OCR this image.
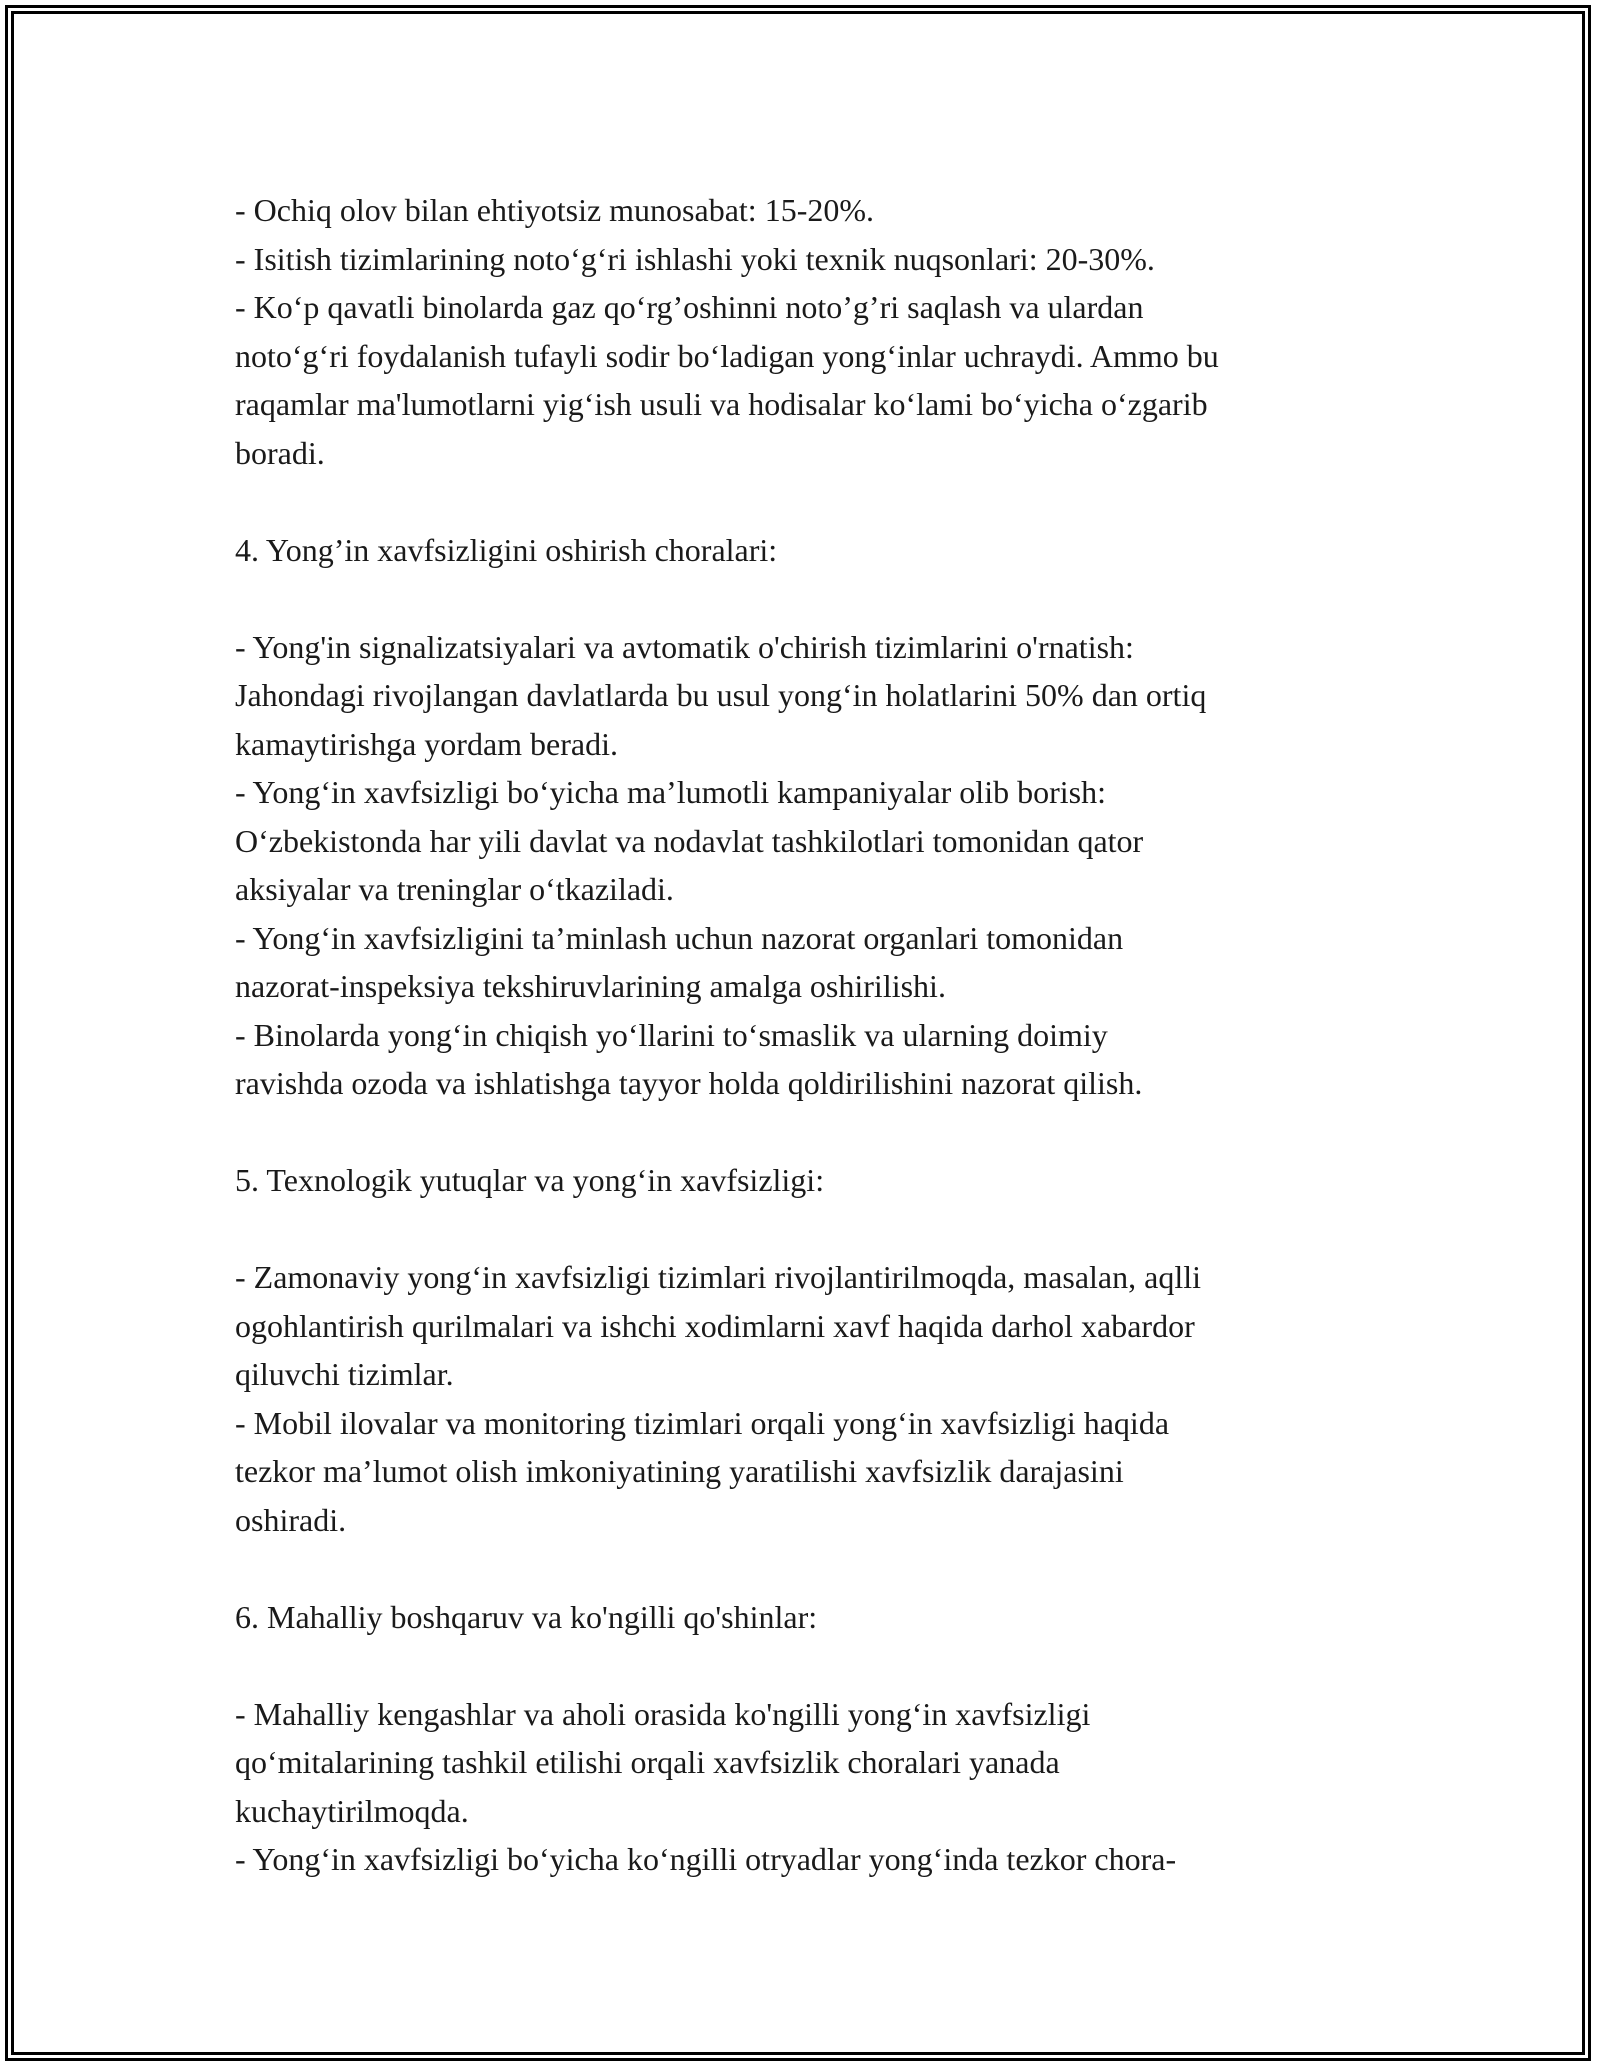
- Ochiq olov bilan ehtiyotsiz munosabat: 15-20%.

- Isitish tizimlarining noto‘g‘ri ishlashi yoki texnik nuqsonlari: 20-30%.

- Ko‘p qavatli binolarda gaz qo‘rg’oshinni noto’g’ri saqlash va ulardan

noto‘g‘ri foydalanish tufayli sodir bo‘ladigan yong‘inlar uchraydi. Ammo bu

raqamlar ma'lumotlarni yig‘ish usuli va hodisalar ko‘lami bo‘yicha o‘zgarib

boradi.

4. Yong’in xavfsizligini oshirish choralari:

- Yong'in signalizatsiyalari va avtomatik o'chirish tizimlarini o'rnatish:

Jahondagi rivojlangan davlatlarda bu usul yong‘in holatlarini 50% dan ortiq

kamaytirishga yordam beradi.

- Yong‘in xavfsizligi bo‘yicha ma’lumotli kampaniyalar olib borish:

O‘zbekistonda har yili davlat va nodavlat tashkilotlari tomonidan qator

aksiyalar va treninglar o‘tkaziladi.

- Yong‘in xavfsizligini ta’minlash uchun nazorat organlari tomonidan

nazorat-inspeksiya tekshiruvlarining amalga oshirilishi.

- Binolarda yong‘in chiqish yo‘llarini to‘smaslik va ularning doimiy

ravishda ozoda va ishlatishga tayyor holda qoldirilishini nazorat qilish.

5. Texnologik yutuqlar va yong‘in xavfsizligi:

- Zamonaviy yong‘in xavfsizligi tizimlari rivojlantirilmoqda, masalan, aqlli

ogohlantirish qurilmalari va ishchi xodimlarni xavf haqida darhol xabardor

qiluvchi tizimlar.

- Mobil ilovalar va monitoring tizimlari orqali yong‘in xavfsizligi haqida

tezkor ma’lumot olish imkoniyatining yaratilishi xavfsizlik darajasini

oshiradi.

6. Mahalliy boshqaruv va ko'ngilli qo'shinlar:

- Mahalliy kengashlar va aholi orasida ko'ngilli yong‘in xavfsizligi

qo‘mitalarining tashkil etilishi orqali xavfsizlik choralari yanada

kuchaytirilmoqda.

- Yong‘in xavfsizligi bo‘yicha ko‘ngilli otryadlar yong‘inda tezkor chora-
